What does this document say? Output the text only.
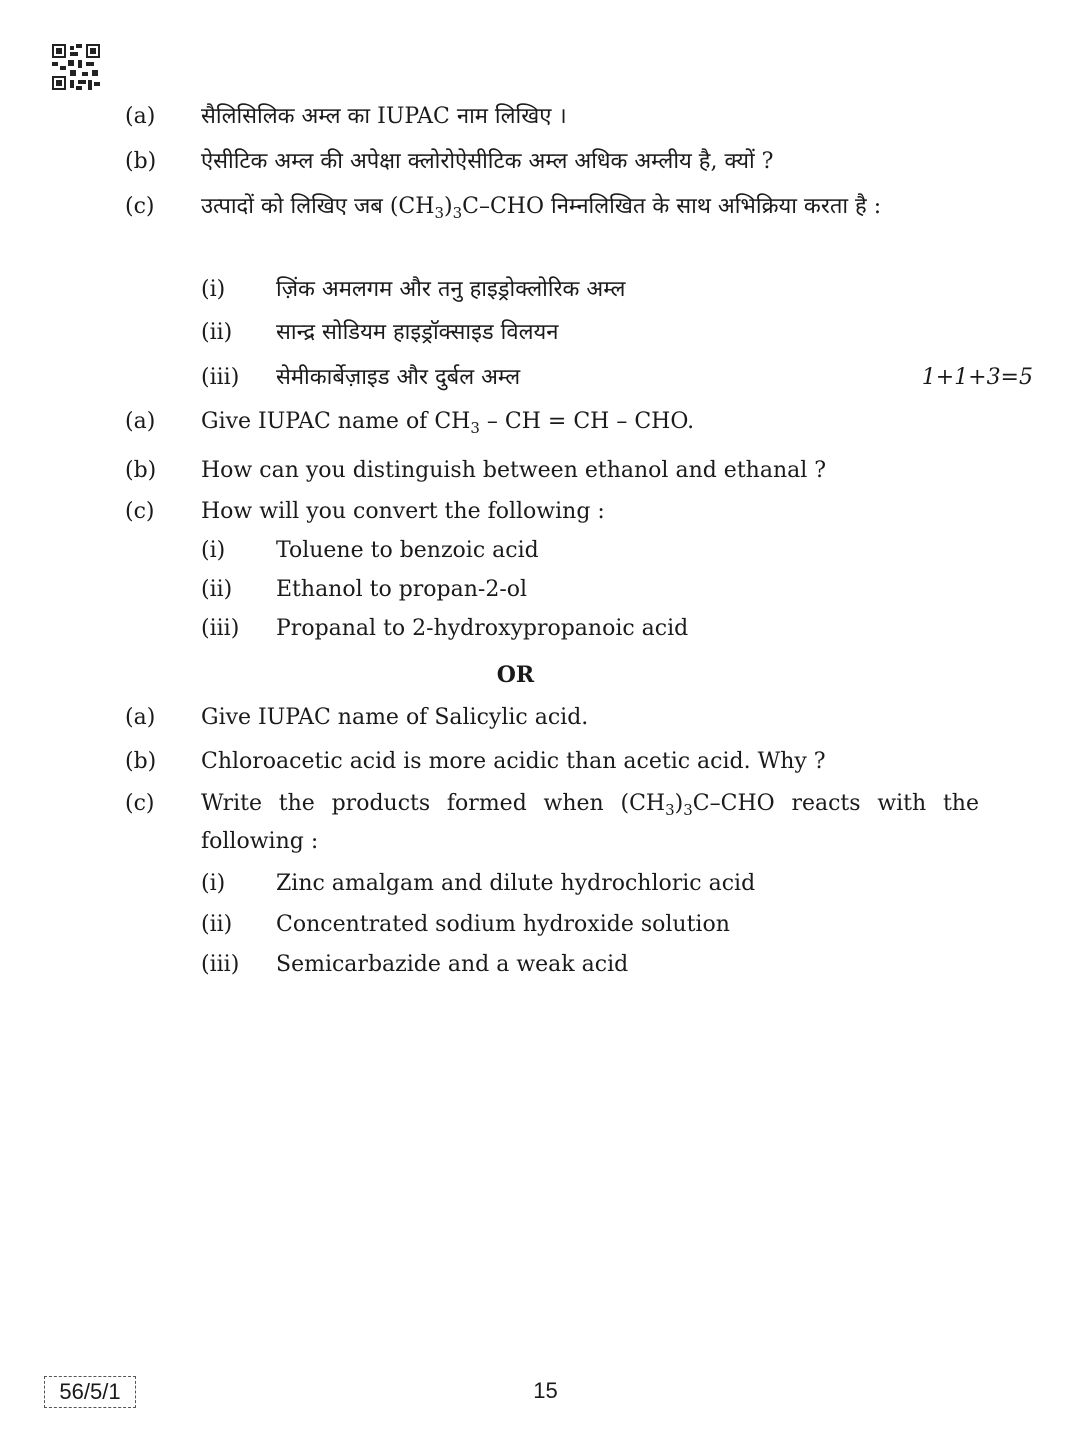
(a) सैलिसिलिक अम्ल का IUPAC नाम लिखिए ।
(b) ऐसीटिक अम्ल की अपेक्षा क्लोरोऐसीटिक अम्ल अधिक अम्लीय है, क्यों ?
(c) उत्पादों को लिखिए जब $(CH_3)_3C$–CHO निम्नलिखित के साथ अभिक्रिया करता है :
(i) ज़िंक अमलगम और तनु हाइड्रोक्लोरिक अम्ल
(ii) सान्द्र सोडियम हाइड्रॉक्साइड विलयन
(iii) सेमीकार्बेज़ाइड और दुर्बल अम्ल	1+1+3=5
(a) Give IUPAC name of $CH_3$ – CH = CH – CHO.
(b) How can you distinguish between ethanol and ethanal ?
(c) How will you convert the following :
(i) Toluene to benzoic acid
(ii) Ethanol to propan-2-ol
(iii) Propanal to 2-hydroxypropanoic acid
OR
(a) Give IUPAC name of Salicylic acid.
(b) Chloroacetic acid is more acidic than acetic acid. Why ?
(c) Write the products formed when $(CH_3)_3C$–CHO reacts with the following :
(i) Zinc amalgam and dilute hydrochloric acid
(ii) Concentrated sodium hydroxide solution
(iii) Semicarbazide and a weak acid
56/5/1	15
